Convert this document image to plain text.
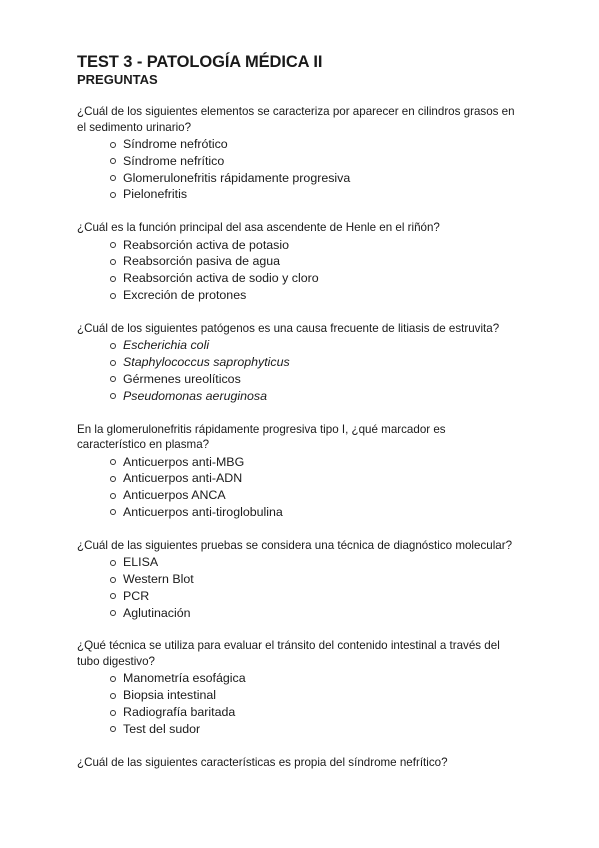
TEST 3 - PATOLOGÍA MÉDICA II
PREGUNTAS

¿Cuál de los siguientes elementos se caracteriza por aparecer en cilindros grasos en el sedimento urinario?

Síndrome nefrótico
Síndrome nefrítico
Glomerulonefritis rápidamente progresiva
Pielonefritis

¿Cuál es la función principal del asa ascendente de Henle en el riñón?

Reabsorción activa de potasio
Reabsorción pasiva de agua
Reabsorción activa de sodio y cloro
Excreción de protones

¿Cuál de los siguientes patógenos es una causa frecuente de litiasis de estruvita?

Escherichia coli
Staphylococcus saprophyticus
Gérmenes ureolíticos
Pseudomonas aeruginosa

En la glomerulonefritis rápidamente progresiva tipo I, ¿qué marcador es característico en plasma?

Anticuerpos anti-MBG
Anticuerpos anti-ADN
Anticuerpos ANCA
Anticuerpos anti-tiroglobulina

¿Cuál de las siguientes pruebas se considera una técnica de diagnóstico molecular?

ELISA
Western Blot
PCR
Aglutinación

¿Qué técnica se utiliza para evaluar el tránsito del contenido intestinal a través del tubo digestivo?

Manometría esofágica
Biopsia intestinal
Radiografía baritada
Test del sudor

¿Cuál de las siguientes características es propia del síndrome nefrítico?
